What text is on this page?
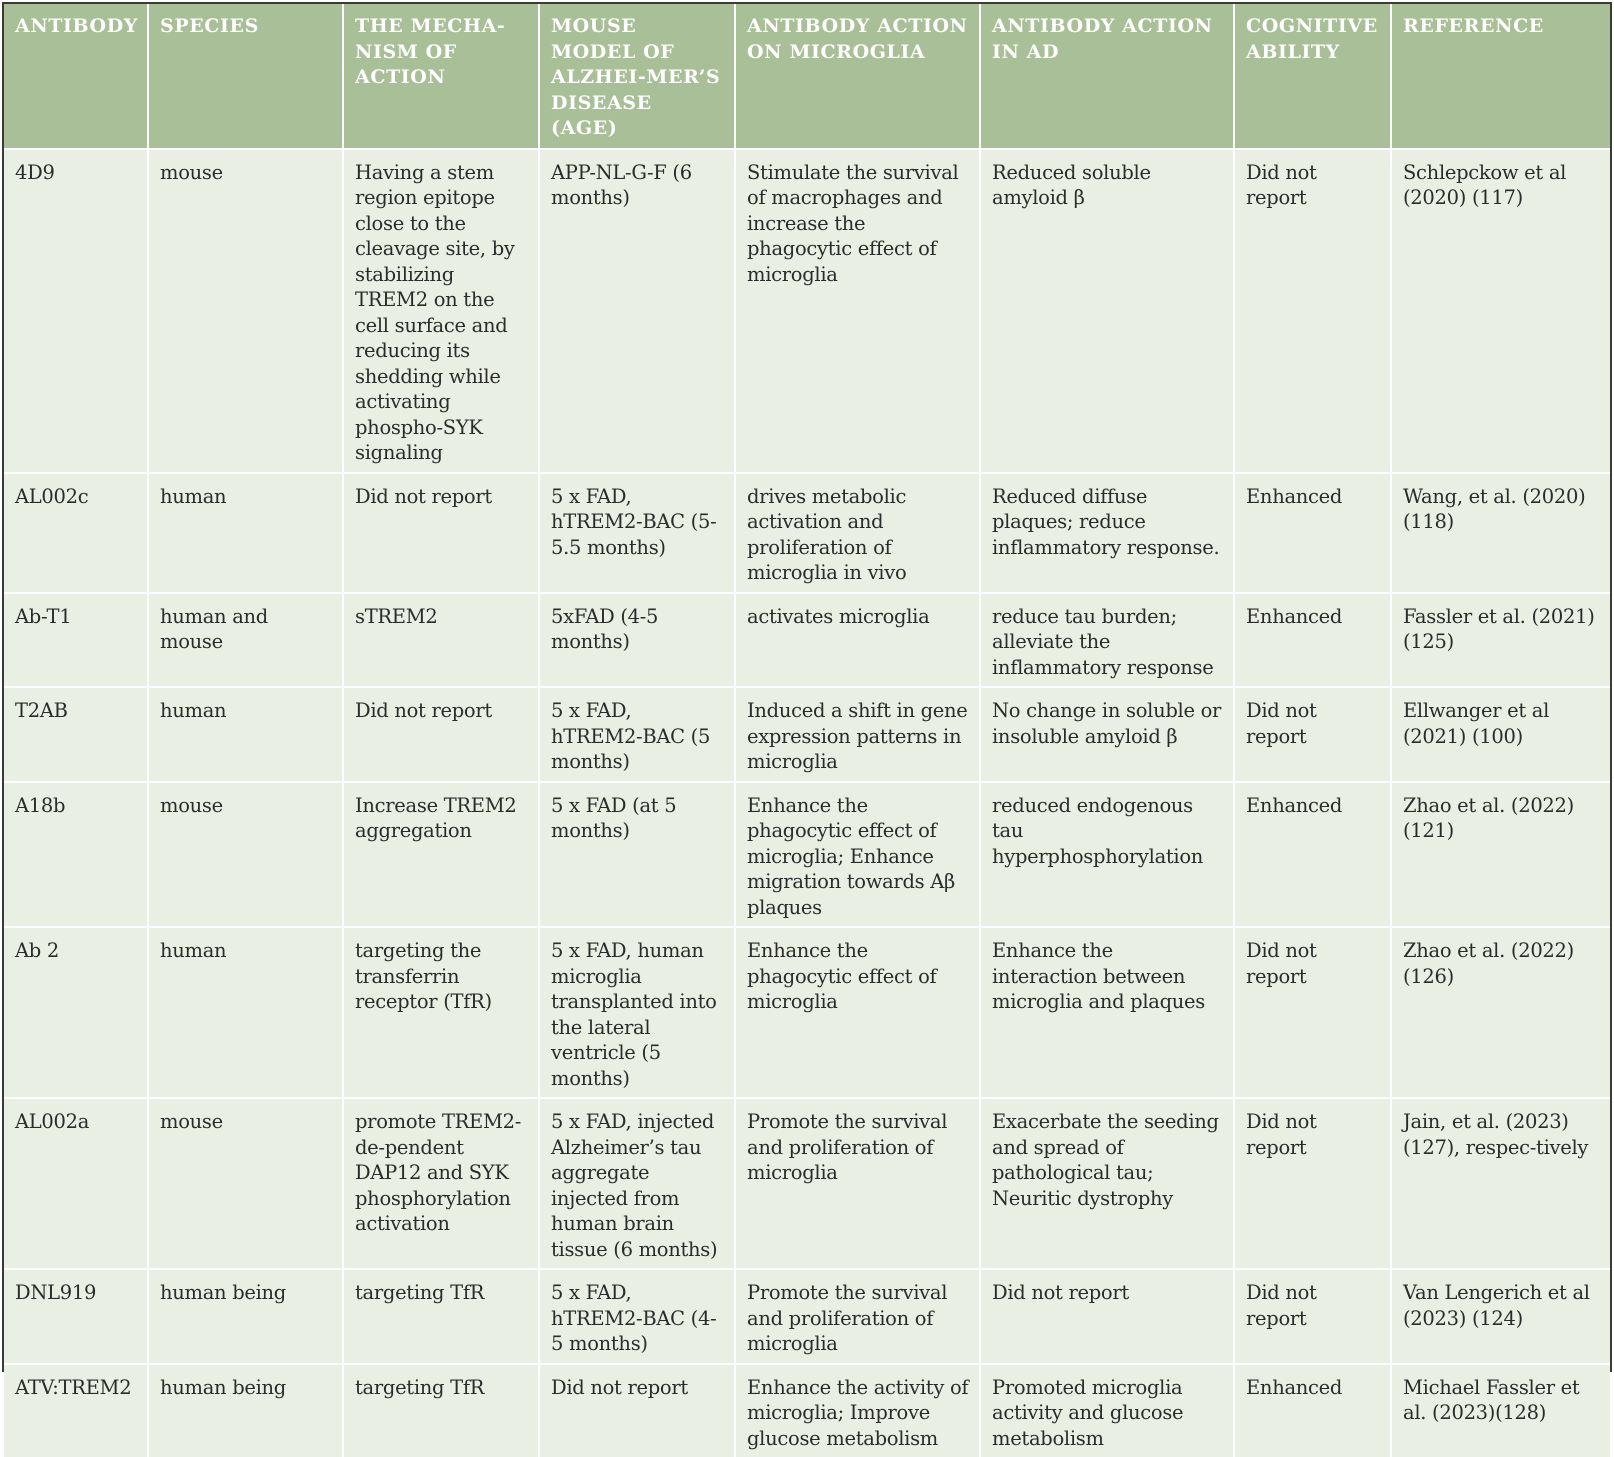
ANTIBODY	SPECIES	THE MECHA-NISM OF ACTION	MOUSE MODEL OF ALZHEI-MER’S DISEASE (AGE)	ANTIBODY ACTION ON MICROGLIA	ANTIBODY ACTION IN AD	COGNITIVE ABILITY	REFERENCE
4D9	mouse	Having a stem region epitope close to the cleavage site, by stabilizing TREM2 on the cell surface and reducing its shedding while activating phospho-SYK signaling	APP-NL-G-F (6 months)	Stimulate the survival of macrophages and increase the phagocytic effect of microglia	Reduced soluble amyloid β	Did not report	Schlepckow et al (2020) (117)
AL002c	human	Did not report	5 x FAD, hTREM2-BAC (5-5.5 months)	drives metabolic activation and proliferation of microglia in vivo	Reduced diffuse plaques; reduce inflammatory response.	Enhanced	Wang, et al. (2020)(118)
Ab-T1	human and mouse	sTREM2	5xFAD (4-5 months)	activates microglia	reduce tau burden; alleviate the inflammatory response	Enhanced	Fassler et al. (2021) (125)
T2AB	human	Did not report	5 x FAD, hTREM2-BAC (5 months)	Induced a shift in gene expression patterns in microglia	No change in soluble or insoluble amyloid β	Did not report	Ellwanger et al (2021) (100)
A18b	mouse	Increase TREM2 aggregation	5 x FAD (at 5 months)	Enhance the phagocytic effect of microglia; Enhance migration towards Aβ plaques	reduced endogenous tau hyperphosphorylation	Enhanced	Zhao et al. (2022)(121)
Ab 2	human	targeting the transferrin receptor (TfR)	5 x FAD, human microglia transplanted into the lateral ventricle (5 months)	Enhance the phagocytic effect of microglia	Enhance the interaction between microglia and plaques	Did not report	Zhao et al. (2022)(126)
AL002a	mouse	promote TREM2-de-pendent DAP12 and SYK phosphorylation activation	5 x FAD, injected Alzheimer’s tau aggregate injected from human brain tissue (6 months)	Promote the survival and proliferation of microglia	Exacerbate the seeding and spread of pathological tau; Neuritic dystrophy	Did not report	Jain, et al. (2023) (127), respec-tively
DNL919	human being	targeting TfR	5 x FAD, hTREM2-BAC (4-5 months)	Promote the survival and proliferation of microglia	Did not report	Did not report	Van Lengerich et al (2023) (124)
ATV:TREM2	human being	targeting TfR	Did not report	Enhance the activity of microglia; Improve glucose metabolism	Promoted microglia activity and glucose metabolism	Enhanced	Michael Fassler et al. (2023)(128)
